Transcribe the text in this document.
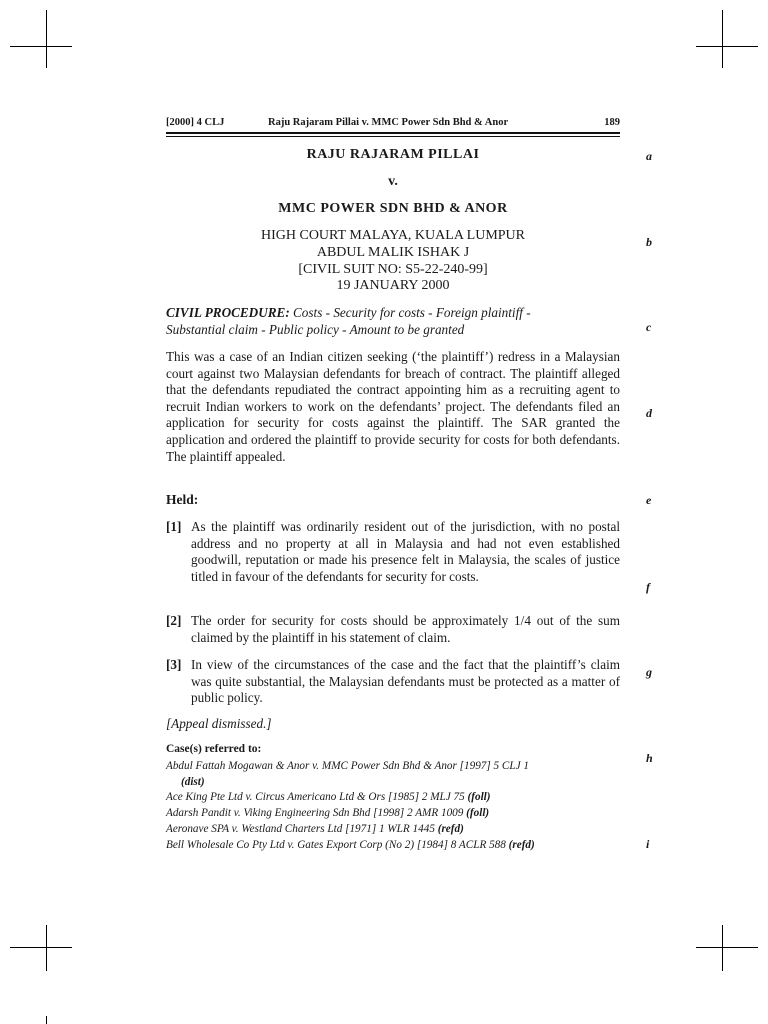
[2000] 4 CLJ	Raju Rajaram Pillai v. MMC Power Sdn Bhd & Anor	189
RAJU RAJARAM PILLAI
v.
MMC POWER SDN BHD & ANOR
HIGH COURT MALAYA, KUALA LUMPUR
ABDUL MALIK ISHAK J
[CIVIL SUIT NO: S5-22-240-99]
19 JANUARY 2000
CIVIL PROCEDURE: Costs - Security for costs - Foreign plaintiff -
Substantial claim - Public policy - Amount to be granted
This was a case of an Indian citizen seeking (‘the plaintiff’) redress in a Malaysian court against two Malaysian defendants for breach of contract. The plaintiff alleged that the defendants repudiated the contract appointing him as a recruiting agent to recruit Indian workers to work on the defendants’ project. The defendants filed an application for security for costs against the plaintiff. The SAR granted the application and ordered the plaintiff to provide security for costs for both defendants. The plaintiff appealed.
Held:
[1] As the plaintiff was ordinarily resident out of the jurisdiction, with no postal address and no property at all in Malaysia and had not even established goodwill, reputation or made his presence felt in Malaysia, the scales of justice titled in favour of the defendants for security for costs.
[2] The order for security for costs should be approximately 1/4 out of the sum claimed by the plaintiff in his statement of claim.
[3] In view of the circumstances of the case and the fact that the plaintiff’s claim was quite substantial, the Malaysian defendants must be protected as a matter of public policy.
[Appeal dismissed.]
Case(s) referred to:
Abdul Fattah Mogawan & Anor v. MMC Power Sdn Bhd & Anor [1997] 5 CLJ 1
(dist)
Ace King Pte Ltd v. Circus Americano Ltd & Ors [1985] 2 MLJ 75 (foll)
Adarsh Pandit v. Viking Engineering Sdn Bhd [1998] 2 AMR 1009 (foll)
Aeronave SPA v. Westland Charters Ltd [1971] 1 WLR 1445 (refd)
Bell Wholesale Co Pty Ltd v. Gates Export Corp (No 2) [1984] 8 ACLR 588 (refd)
a
b
c
d
e
f
g
h
i
